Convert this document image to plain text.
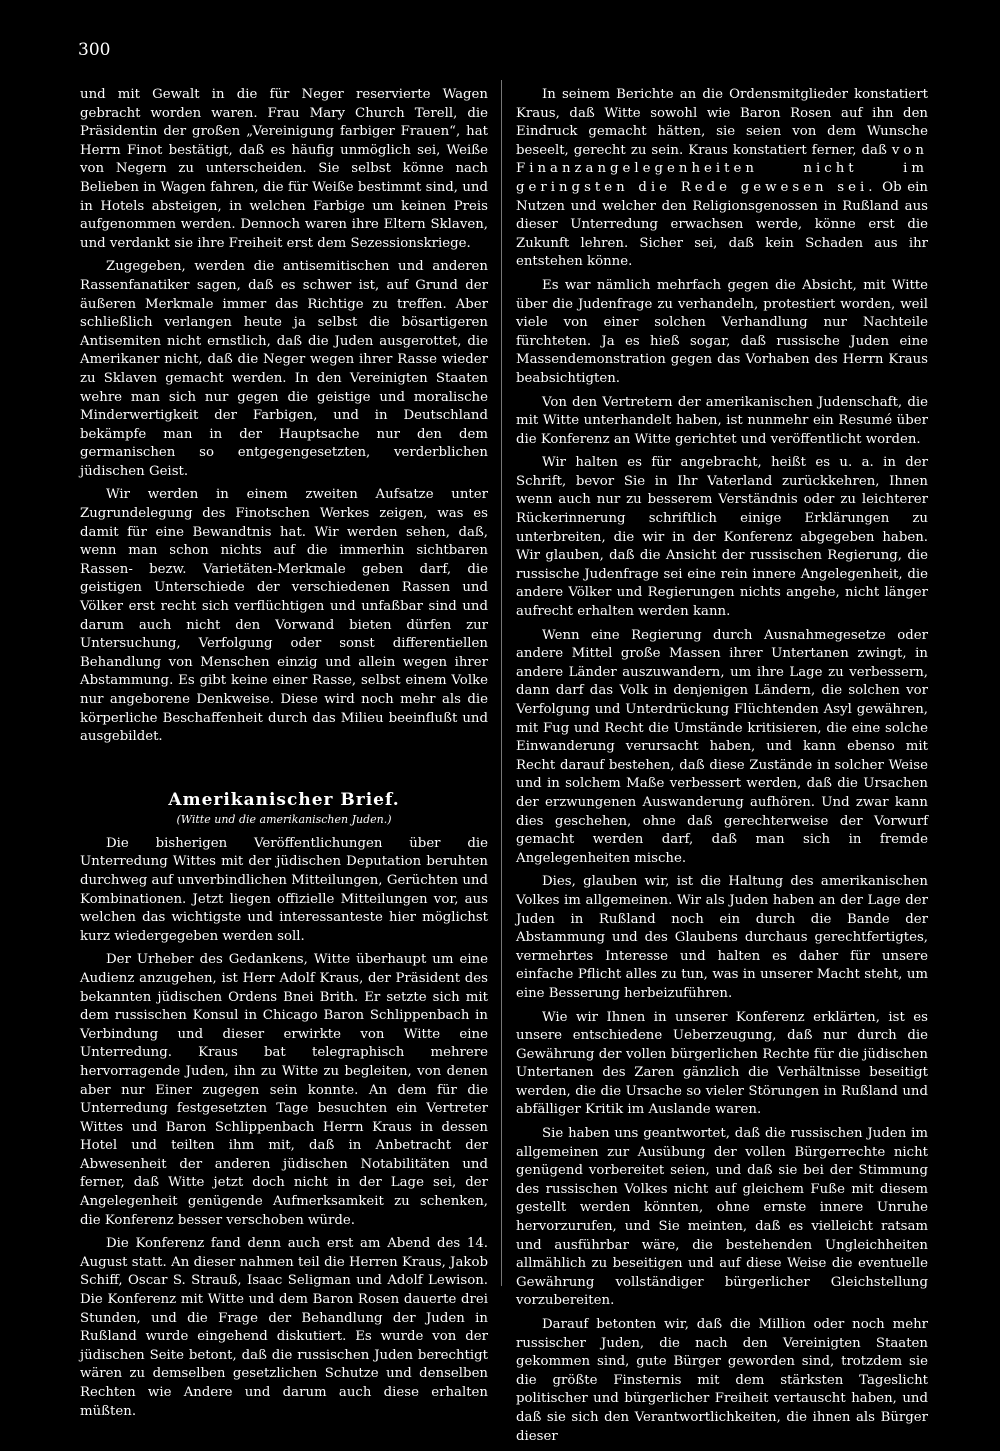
300

und mit Gewalt in die für Neger reservierte Wagen gebracht worden waren. Frau Mary Church Terell, die Präsidentin der großen „Vereinigung farbiger Frauen“, hat Herrn Finot bestätigt, daß es häufig unmöglich sei, Weiße von Negern zu unterscheiden. Sie selbst könne nach Belieben in Wagen fahren, die für Weiße bestimmt sind, und in Hotels absteigen, in welchen Farbige um keinen Preis aufgenommen werden. Dennoch waren ihre Eltern Sklaven, und verdankt sie ihre Freiheit erst dem Sezessionskriege.

Zugegeben, werden die antisemitischen und anderen Rassenfanatiker sagen, daß es schwer ist, auf Grund der äußeren Merkmale immer das Richtige zu treffen. Aber schließlich verlangen heute ja selbst die bösartigeren Antisemiten nicht ernstlich, daß die Juden ausgerottet, die Amerikaner nicht, daß die Neger wegen ihrer Rasse wieder zu Sklaven gemacht werden. In den Vereinigten Staaten wehre man sich nur gegen die geistige und moralische Minderwertigkeit der Farbigen, und in Deutschland bekämpfe man in der Hauptsache nur den dem germanischen so entgegengesetzten, verderblichen jüdischen Geist.

Wir werden in einem zweiten Aufsatze unter Zugrundelegung des Finotschen Werkes zeigen, was es damit für eine Bewandtnis hat. Wir werden sehen, daß, wenn man schon nichts auf die immerhin sichtbaren Rassen- bezw. Varietäten-Merkmale geben darf, die geistigen Unterschiede der verschiedenen Rassen und Völker erst recht sich verflüchtigen und unfaßbar sind und darum auch nicht den Vorwand bieten dürfen zur Untersuchung, Verfolgung oder sonst differentiellen Behandlung von Menschen einzig und allein wegen ihrer Abstammung. Es gibt keine einer Rasse, selbst einem Volke nur angeborene Denkweise. Diese wird noch mehr als die körperliche Beschaffenheit durch das Milieu beeinflußt und ausgebildet.

Amerikanischer Brief.
(Witte und die amerikanischen Juden.)

Die bisherigen Veröffentlichungen über die Unterredung Wittes mit der jüdischen Deputation beruhten durchweg auf unverbindlichen Mitteilungen, Gerüchten und Kombinationen. Jetzt liegen offizielle Mitteilungen vor, aus welchen das wichtigste und interessanteste hier möglichst kurz wiedergegeben werden soll.

Der Urheber des Gedankens, Witte überhaupt um eine Audienz anzugehen, ist Herr Adolf Kraus, der Präsident des bekannten jüdischen Ordens Bnei Brith. Er setzte sich mit dem russischen Konsul in Chicago Baron Schlippenbach in Verbindung und dieser erwirkte von Witte eine Unterredung. Kraus bat telegraphisch mehrere hervorragende Juden, ihn zu Witte zu begleiten, von denen aber nur Einer zugegen sein konnte. An dem für die Unterredung festgesetzten Tage besuchten ein Vertreter Wittes und Baron Schlippenbach Herrn Kraus in dessen Hotel und teilten ihm mit, daß in Anbetracht der Abwesenheit der anderen jüdischen Notabilitäten und ferner, daß Witte jetzt doch nicht in der Lage sei, der Angelegenheit genügende Aufmerksamkeit zu schenken, die Konferenz besser verschoben würde.

Die Konferenz fand denn auch erst am Abend des 14. August statt. An dieser nahmen teil die Herren Kraus, Jakob Schiff, Oscar S. Strauß, Isaac Seligman und Adolf Lewison. Die Konferenz mit Witte und dem Baron Rosen dauerte drei Stunden, und die Frage der Behandlung der Juden in Rußland wurde eingehend diskutiert. Es wurde von der jüdischen Seite betont, daß die russischen Juden berechtigt wären zu demselben gesetzlichen Schutze und denselben Rechten wie Andere und darum auch diese erhalten müßten.

In seinem Berichte an die Ordensmitglieder konstatiert Kraus, daß Witte sowohl wie Baron Rosen auf ihn den Eindruck gemacht hätten, sie seien von dem Wunsche beseelt, gerecht zu sein. Kraus konstatiert ferner, daß von Finanzangelegenheiten nicht im geringsten die Rede gewesen sei. Ob ein Nutzen und welcher den Religionsgenossen in Rußland aus dieser Unterredung erwachsen werde, könne erst die Zukunft lehren. Sicher sei, daß kein Schaden aus ihr entstehen könne.

Es war nämlich mehrfach gegen die Absicht, mit Witte über die Judenfrage zu verhandeln, protestiert worden, weil viele von einer solchen Verhandlung nur Nachteile fürchteten. Ja es hieß sogar, daß russische Juden eine Massendemonstration gegen das Vorhaben des Herrn Kraus beabsichtigten.

Von den Vertretern der amerikanischen Judenschaft, die mit Witte unterhandelt haben, ist nunmehr ein Resumé über die Konferenz an Witte gerichtet und veröffentlicht worden.

Wir halten es für angebracht, heißt es u. a. in der Schrift, bevor Sie in Ihr Vaterland zurückkehren, Ihnen wenn auch nur zu besserem Verständnis oder zu leichterer Rückerinnerung schriftlich einige Erklärungen zu unterbreiten, die wir in der Konferenz abgegeben haben. Wir glauben, daß die Ansicht der russischen Regierung, die russische Judenfrage sei eine rein innere Angelegenheit, die andere Völker und Regierungen nichts angehe, nicht länger aufrecht erhalten werden kann.

Wenn eine Regierung durch Ausnahmegesetze oder andere Mittel große Massen ihrer Untertanen zwingt, in andere Länder auszuwandern, um ihre Lage zu verbessern, dann darf das Volk in denjenigen Ländern, die solchen vor Verfolgung und Unterdrückung Flüchtenden Asyl gewähren, mit Fug und Recht die Umstände kritisieren, die eine solche Einwanderung verursacht haben, und kann ebenso mit Recht darauf bestehen, daß diese Zustände in solcher Weise und in solchem Maße verbessert werden, daß die Ursachen der erzwungenen Auswanderung aufhören. Und zwar kann dies geschehen, ohne daß gerechterweise der Vorwurf gemacht werden darf, daß man sich in fremde Angelegenheiten mische.

Dies, glauben wir, ist die Haltung des amerikanischen Volkes im allgemeinen. Wir als Juden haben an der Lage der Juden in Rußland noch ein durch die Bande der Abstammung und des Glaubens durchaus gerechtfertigtes, vermehrtes Interesse und halten es daher für unsere einfache Pflicht alles zu tun, was in unserer Macht steht, um eine Besserung herbeizuführen.

Wie wir Ihnen in unserer Konferenz erklärten, ist es unsere entschiedene Ueberzeugung, daß nur durch die Gewährung der vollen bürgerlichen Rechte für die jüdischen Untertanen des Zaren gänzlich die Verhältnisse beseitigt werden, die die Ursache so vieler Störungen in Rußland und abfälliger Kritik im Auslande waren.

Sie haben uns geantwortet, daß die russischen Juden im allgemeinen zur Ausübung der vollen Bürgerrechte nicht genügend vorbereitet seien, und daß sie bei der Stimmung des russischen Volkes nicht auf gleichem Fuße mit diesem gestellt werden könnten, ohne ernste innere Unruhe hervorzurufen, und Sie meinten, daß es vielleicht ratsam und ausführbar wäre, die bestehenden Ungleichheiten allmählich zu beseitigen und auf diese Weise die eventuelle Gewährung vollständiger bürgerlicher Gleichstellung vorzubereiten.

Darauf betonten wir, daß die Million oder noch mehr russischer Juden, die nach den Vereinigten Staaten gekommen sind, gute Bürger geworden sind, trotzdem sie die größte Finsternis mit dem stärksten Tageslicht politischer und bürgerlicher Freiheit vertauscht haben, und daß sie sich den Verantwortlichkeiten, die ihnen als Bürger dieser
